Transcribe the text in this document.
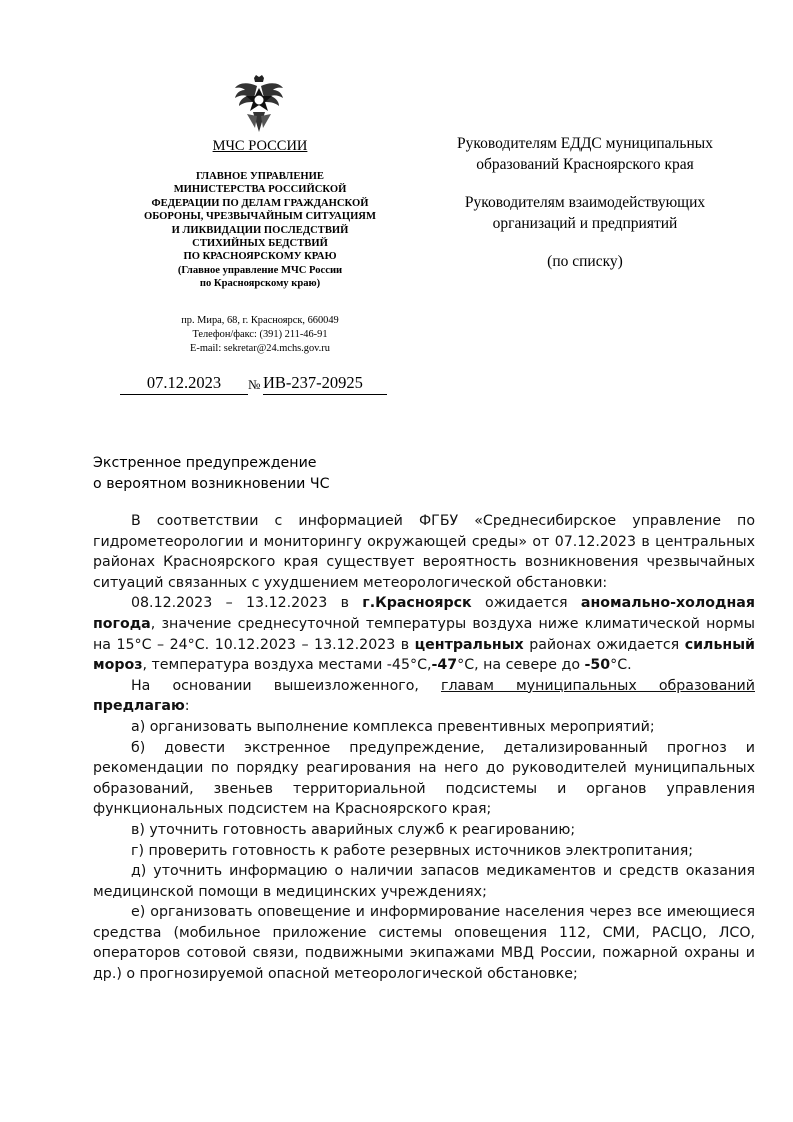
МЧС РОССИИ

ГЛАВНОЕ УПРАВЛЕНИЕ
МИНИСТЕРСТВА РОССИЙСКОЙ
ФЕДЕРАЦИИ ПО ДЕЛАМ ГРАЖДАНСКОЙ
ОБОРОНЫ, ЧРЕЗВЫЧАЙНЫМ СИТУАЦИЯМ
И ЛИКВИДАЦИИ ПОСЛЕДСТВИЙ
СТИХИЙНЫХ БЕДСТВИЙ
ПО КРАСНОЯРСКОМУ КРАЮ
(Главное управление МЧС России
по Красноярскому краю)
пр. Мира, 68, г. Красноярск, 660049
Телефон/факс: (391) 211-46-91
E-mail: sekretar@24.mchs.gov.ru
07.12.2023	№ ИВ-237-20925

Руководителям ЕДДС муниципальных

образований Красноярского края

Руководителям взаимодействующих

организаций и предприятий

(по списку)

Экстренное предупреждение

о вероятном возникновении ЧС

В соответствии с информацией ФГБУ «Среднесибирское управление по гидрометеорологии и мониторингу окружающей среды» от 07.12.2023 в центральных районах Красноярского края существует вероятность возникновения чрезвычайных ситуаций связанных с ухудшением метеорологической обстановки:

08.12.2023 – 13.12.2023 в г.Красноярск ожидается аномально-холодная погода, значение среднесуточной температуры воздуха ниже климатической нормы на 15°С – 24°С. 10.12.2023 – 13.12.2023 в центральных районах ожидается сильный мороз, температура воздуха местами -45°С,-47°С, на севере до -50°С.

На основании вышеизложенного, главам муниципальных образований предлагаю:

а) организовать выполнение комплекса превентивных мероприятий;

б) довести экстренное предупреждение, детализированный прогноз и рекомендации по порядку реагирования на него до руководителей муниципальных образований, звеньев территориальной подсистемы и органов управления функциональных подсистем на Красноярского края;

в) уточнить готовность аварийных служб к реагированию;

г) проверить готовность к работе резервных источников электропитания;

д) уточнить информацию о наличии запасов медикаментов и средств оказания медицинской помощи в медицинских учреждениях;

е) организовать оповещение и информирование населения через все имеющиеся средства (мобильное приложение системы оповещения 112, СМИ, РАСЦО, ЛСО, операторов сотовой связи, подвижными экипажами МВД России, пожарной охраны и др.) о прогнозируемой опасной метеорологической обстановке;
